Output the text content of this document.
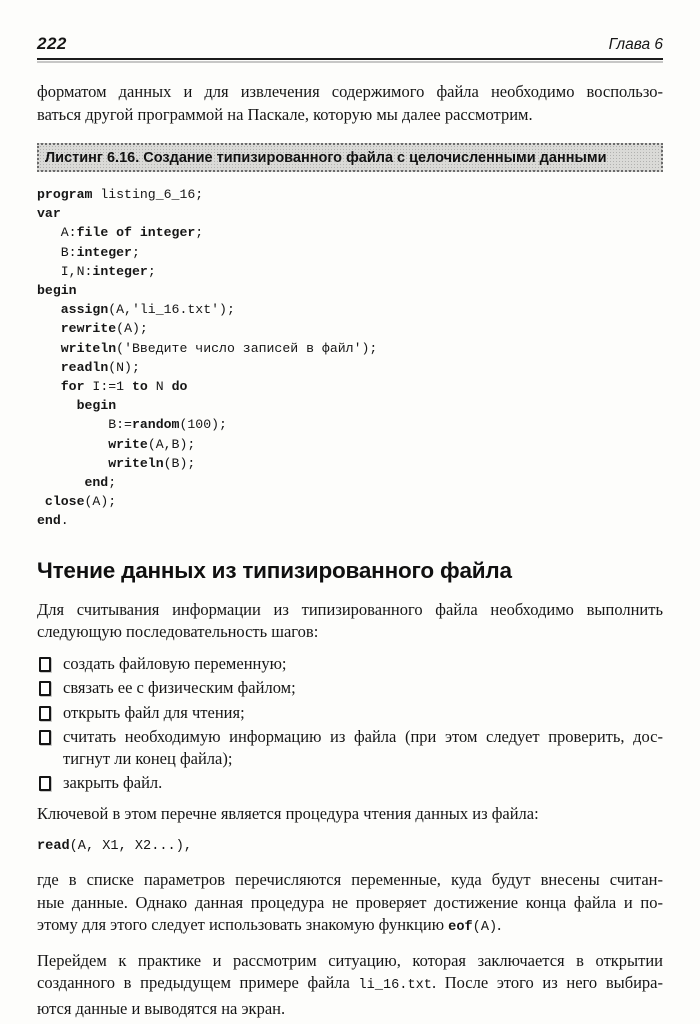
222	Глава 6
форматом данных и для извлечения содержимого файла необходимо воспользо-
ваться другой программой на Паскале, которую мы далее рассмотрим.
Листинг 6.16. Создание типизированного файла с целочисленными данными
program listing_6_16;
var
A:file of integer;
B:integer;
I,N:integer;
begin
assign(A,'li_16.txt');
rewrite(A);
writeln('Введите число записей в файл');
readln(N);
for I:=1 to N do
begin
B:=random(100);
write(A,B);
writeln(B);
end;
close(A);
end.
Чтение данных из типизированного файла
Для считывания информации из типизированного файла необходимо выполнить
следующую последовательность шагов:
создать файловую переменную;
связать ее с физическим файлом;
открыть файл для чтения;
считать необходимую информацию из файла (при этом следует проверить, дос-
тигнут ли конец файла);
закрыть файл.
Ключевой в этом перечне является процедура чтения данных из файла:
read(A, X1, X2...),
где в списке параметров перечисляются переменные, куда будут внесены считан-
ные данные. Однако данная процедура не проверяет достижение конца файла и по-
этому для этого следует использовать знакомую функцию eof(A).
Перейдем к практике и рассмотрим ситуацию, которая заключается в открытии
созданного в предыдущем примере файла li_16.txt. После этого из него выбира-
ются данные и выводятся на экран.
